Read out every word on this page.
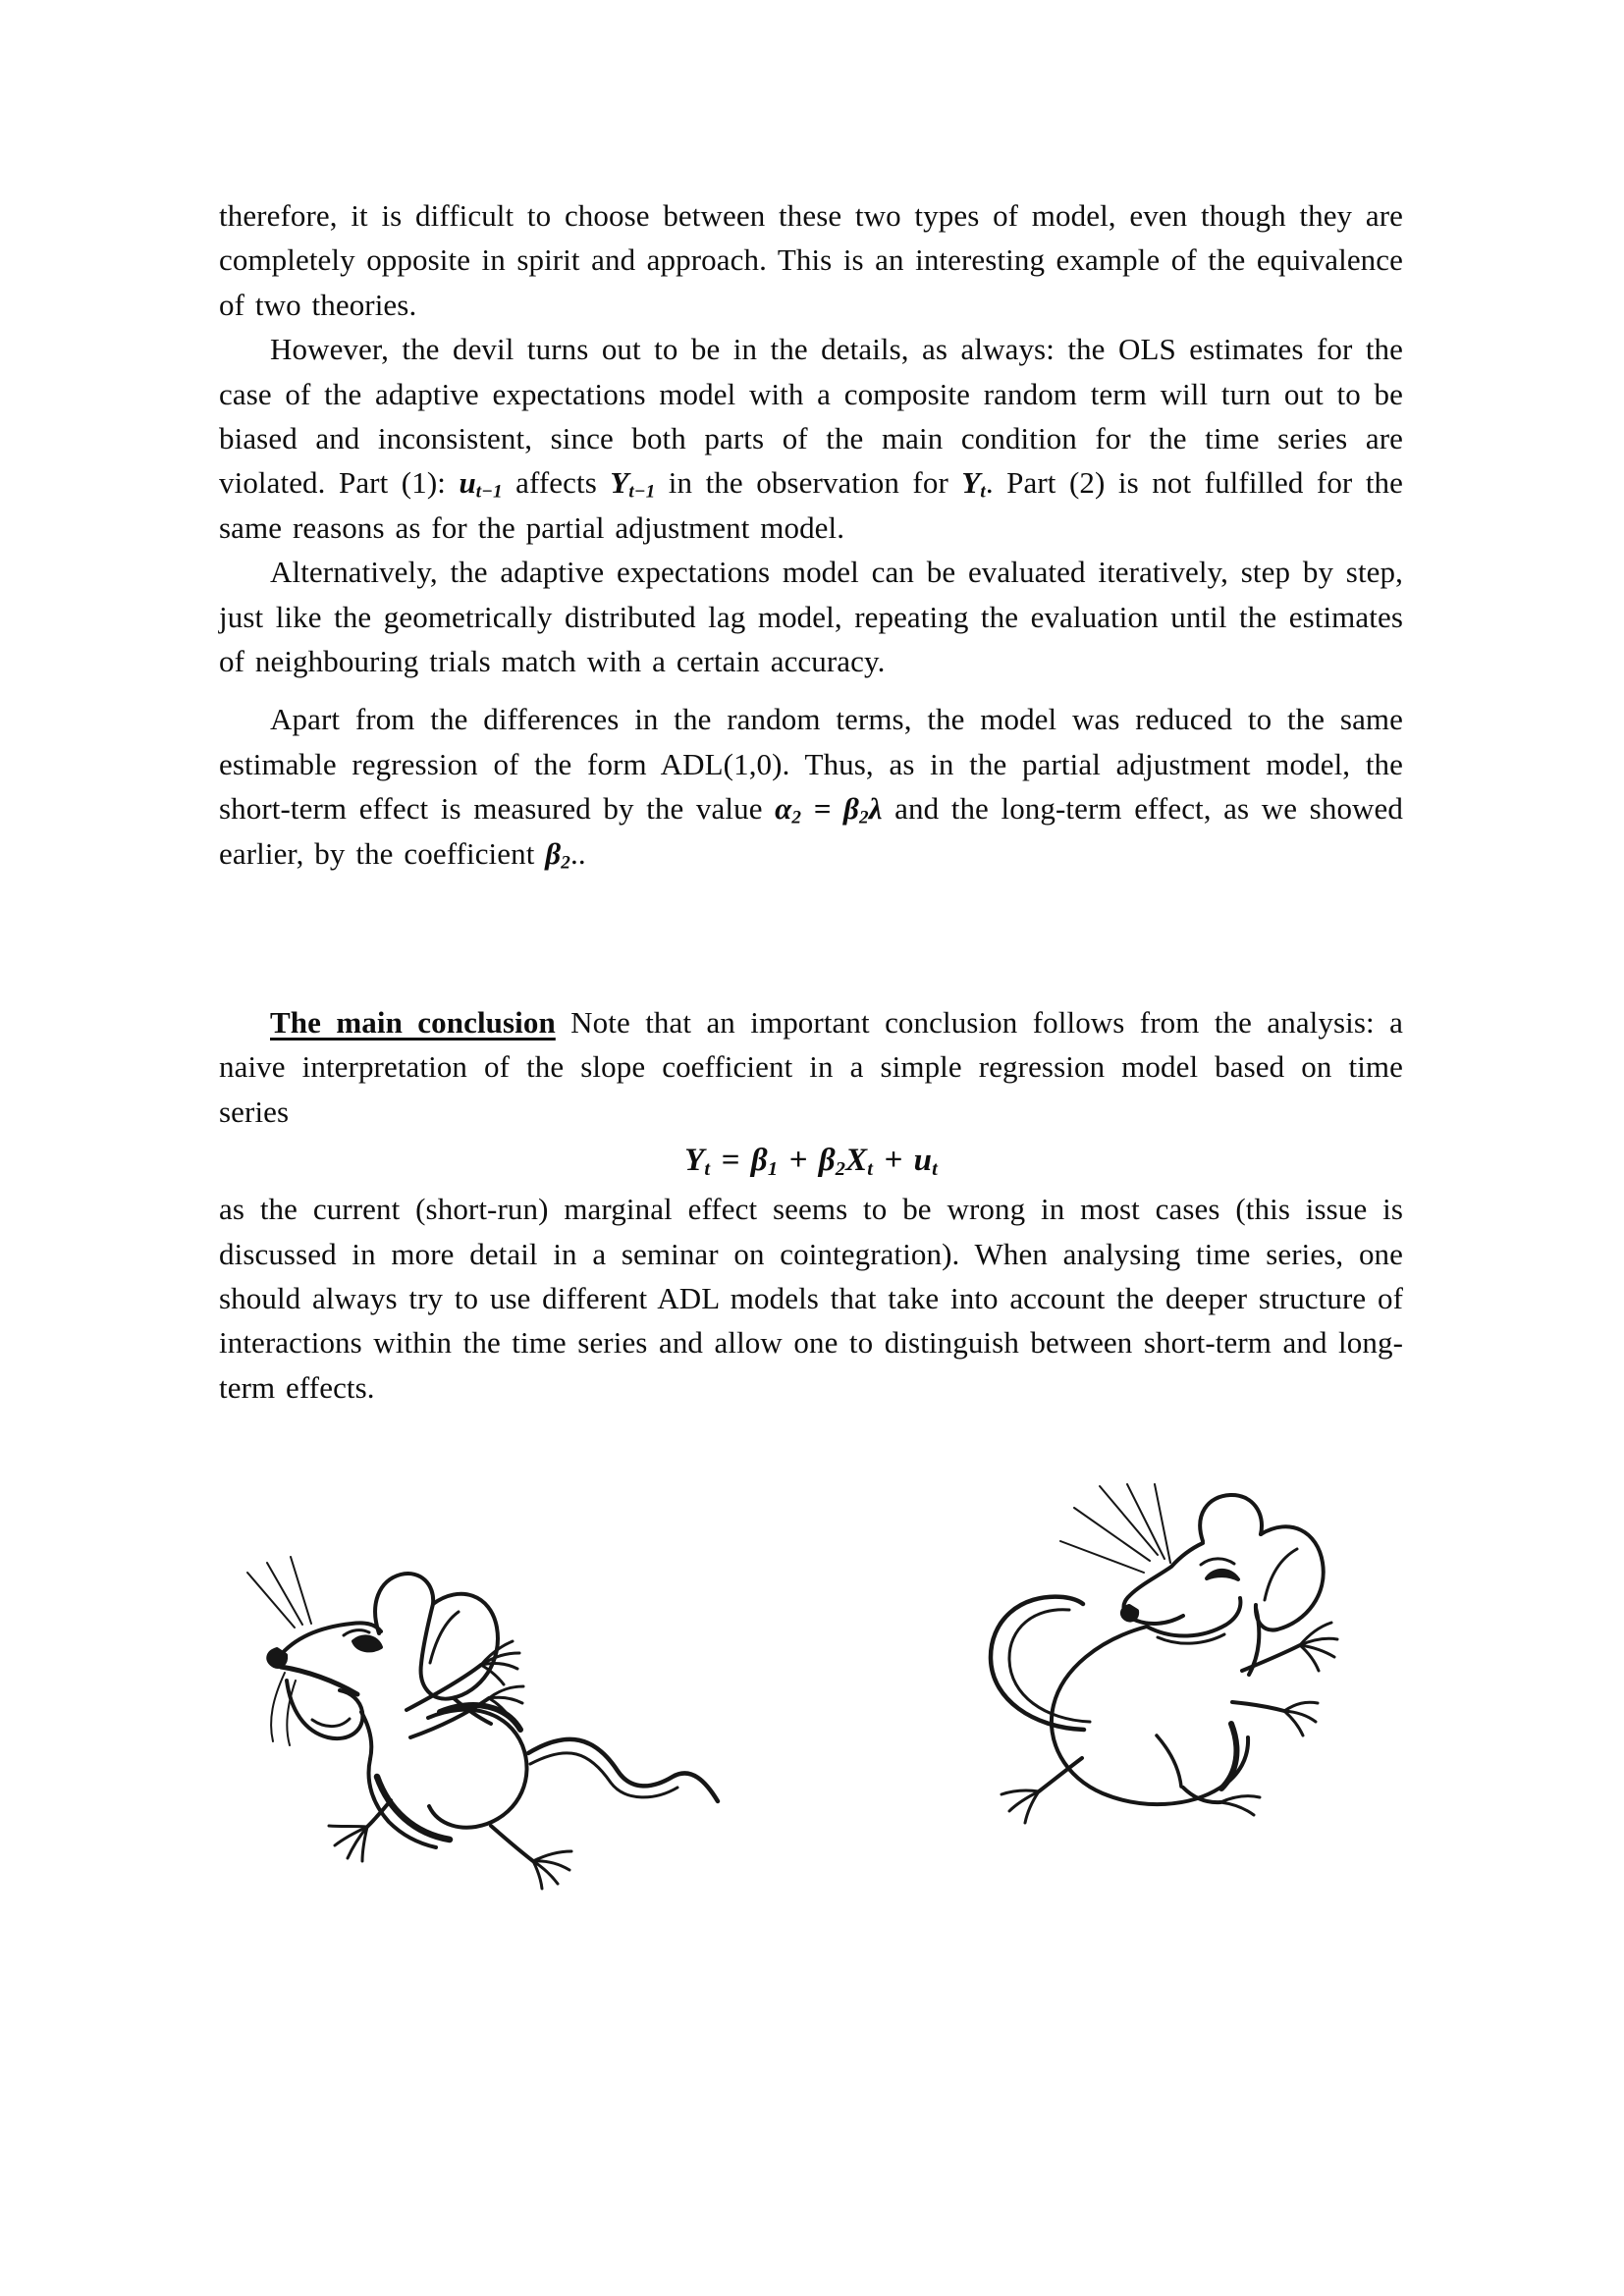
therefore, it is difficult to choose between these two types of model, even though they are completely opposite in spirit and approach. This is an interesting example of the equivalence of two theories.

However, the devil turns out to be in the details, as always: the OLS estimates for the case of the adaptive expectations model with a composite random term will turn out to be biased and inconsistent, since both parts of the main condition for the time series are violated. Part (1): $u_{t-1}$ affects $Y_{t-1}$ in the observation for $Y_t$. Part (2) is not fulfilled for the same reasons as for the partial adjustment model.

Alternatively, the adaptive expectations model can be evaluated iteratively, step by step, just like the geometrically distributed lag model, repeating the evaluation until the estimates of neighbouring trials match with a certain accuracy.

Apart from the differences in the random terms, the model was reduced to the same estimable regression of the form ADL(1,0). Thus, as in the partial adjustment model, the short-term effect is measured by the value $\alpha_2 = \beta_2\lambda$ and the long-term effect, as we showed earlier, by the coefficient $\beta_2$..

The main conclusion Note that an important conclusion follows from the analysis: a naive interpretation of the slope coefficient in a simple regression model based on time series

$Y_t = \beta_1 + \beta_2X_t + u_t$

as the current (short-run) marginal effect seems to be wrong in most cases (this issue is discussed in more detail in a seminar on cointegration). When analysing time series, one should always try to use different ADL models that take into account the deeper structure of interactions within the time series and allow one to distinguish between short-term and long-term effects.
